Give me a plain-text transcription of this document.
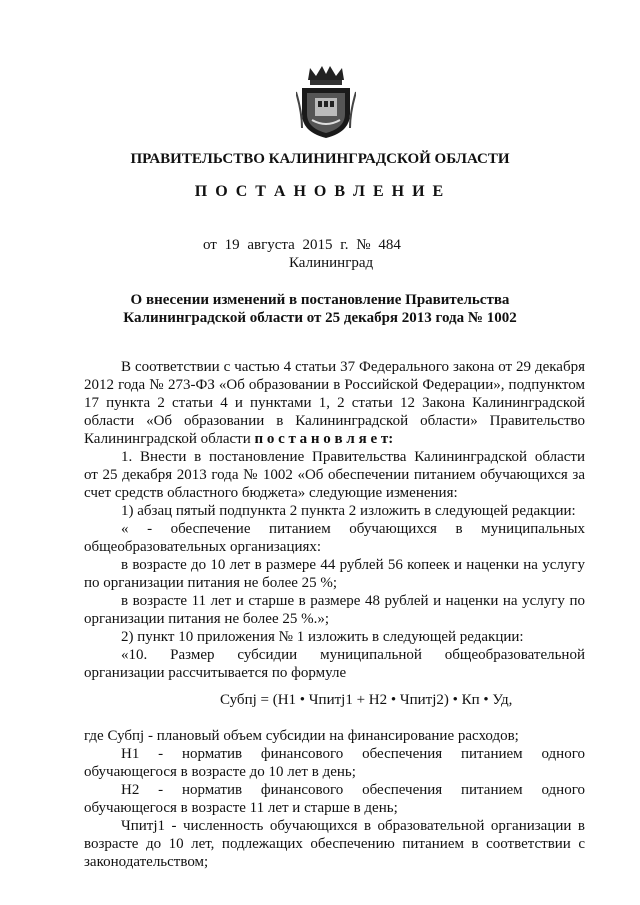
ПРАВИТЕЛЬСТВО КАЛИНИНГРАДСКОЙ ОБЛАСТИ
П О С Т А Н О В Л Е Н И Е
от 19 августа 2015 г. № 484
Калининград
О внесении изменений в постановление Правительства
Калининградской области от 25 декабря 2013 года № 1002
В соответствии с частью 4 статьи 37 Федерального закона от 29 декабря
2012 года № 273-ФЗ «Об образовании в Российской Федерации», подпунктом
17 пункта 2 статьи 4 и пунктами 1, 2 статьи 12 Закона Калининградской
области «Об образовании в Калининградской области» Правительство
Калининградской области п о с т а н о в л я е т:
1. Внести в постановление Правительства Калининградской области
от 25 декабря 2013 года № 1002 «Об обеспечении питанием обучающихся за
счет средств областного бюджета» следующие изменения:
1) абзац пятый подпункта 2 пункта 2 изложить в следующей редакции:
« - обеспечение питанием обучающихся в муниципальных
общеобразовательных организациях:
в возрасте до 10 лет в размере 44 рублей 56 копеек и наценки на услугу
по организации питания не более 25 %;
в возрасте 11 лет и старше в размере 48 рублей и наценки на услугу по
организации питания не более 25 %.»;
2) пункт 10 приложения № 1 изложить в следующей редакции:
«10. Размер субсидии муниципальной общеобразовательной
организации рассчитывается по формуле
Субпj = (Н1 • Чпитj1 + Н2 • Чпитj2) • Кп • Уд,
где Субпj - плановый объем субсидии на финансирование расходов;
Н1 - норматив финансового обеспечения питанием одного
обучающегося в возрасте до 10 лет в день;
Н2 - норматив финансового обеспечения питанием одного
обучающегося в возрасте 11 лет и старше в день;
Чпитj1 - численность обучающихся в образовательной организации в
возрасте до 10 лет, подлежащих обеспечению питанием в соответствии с
законодательством;
